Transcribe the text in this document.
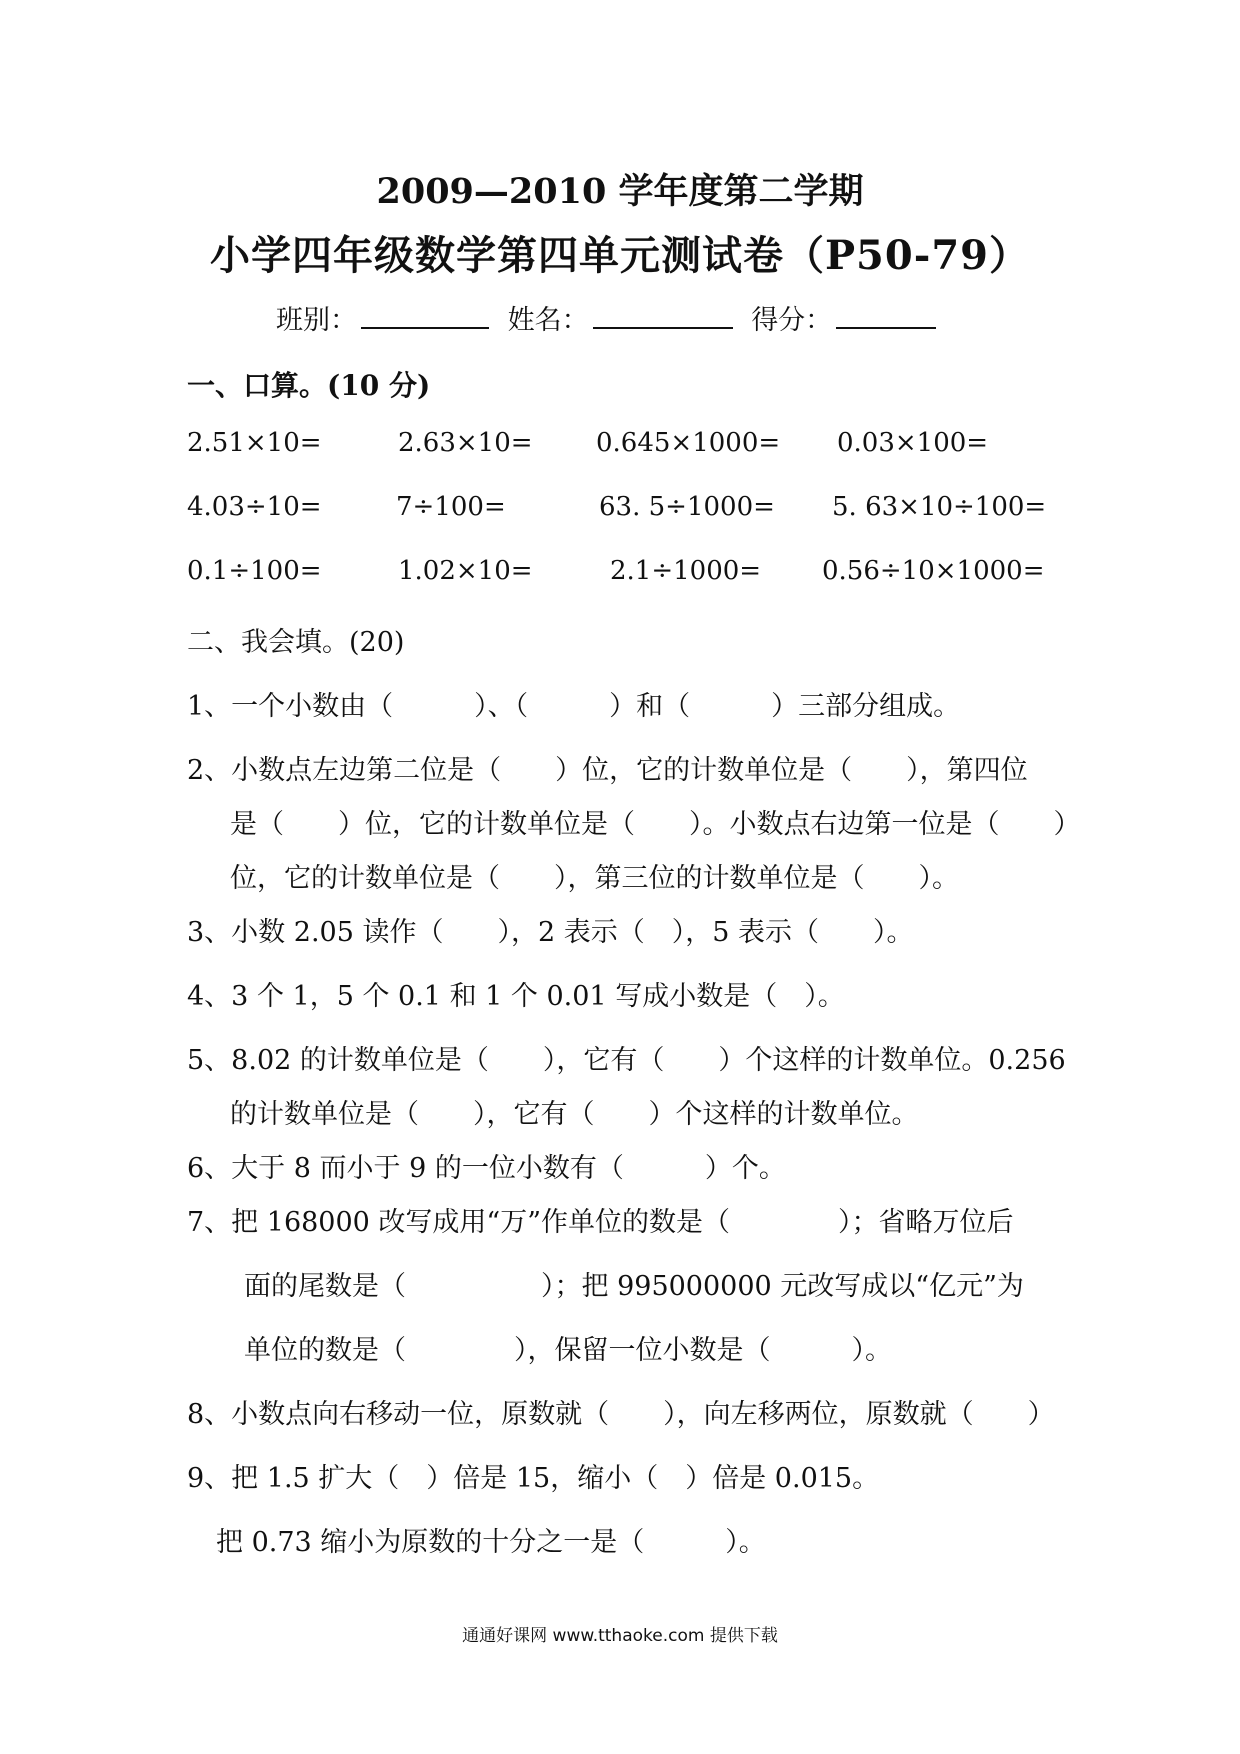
2009—2010 学年度第二学期
小学四年级数学第四单元测试卷（P50-79）
班别：	姓名：	得分：
一、口算。(10 分)
2.51×10=	2.63×10= 0.645×1000= 0.03×100=
4.03÷10=	7÷100=	63. 5÷1000= 5. 63×10÷100=
0.1÷100=	1.02×10=	2.1÷1000= 0.56÷10×1000=
二、我会填。(20)
1、一个小数由（　　　）、（　　　）和（　　　）三部分组成。
2、小数点左边第二位是（　　）位，它的计数单位是（　　），第四位
是（　　）位，它的计数单位是（　　）。小数点右边第一位是（　　）
位，它的计数单位是（　　），第三位的计数单位是（　　）。
3、小数 2.05 读作（　　），2 表示（　），5 表示（　　）。
4、3 个 1，5 个 0.1 和 1 个 0.01 写成小数是（　）。
5、8.02 的计数单位是（　　），它有（　　）个这样的计数单位。0.256
的计数单位是（　　），它有（　　）个这样的计数单位。
6、大于 8 而小于 9 的一位小数有（　　　）个。
7、把 168000 改写成用“万”作单位的数是（　　　　）；省略万位后
面的尾数是（　　　　　）；把 995000000 元改写成以“亿元”为
单位的数是（　　　　），保留一位小数是（　　　）。
8、小数点向右移动一位，原数就（　　），向左移两位，原数就（　　）
9、把 1.5 扩大（　）倍是 15，缩小（　）倍是 0.015。
把 0.73 缩小为原数的十分之一是（　　　）。
通通好课网 www.tthaoke.com 提供下载
